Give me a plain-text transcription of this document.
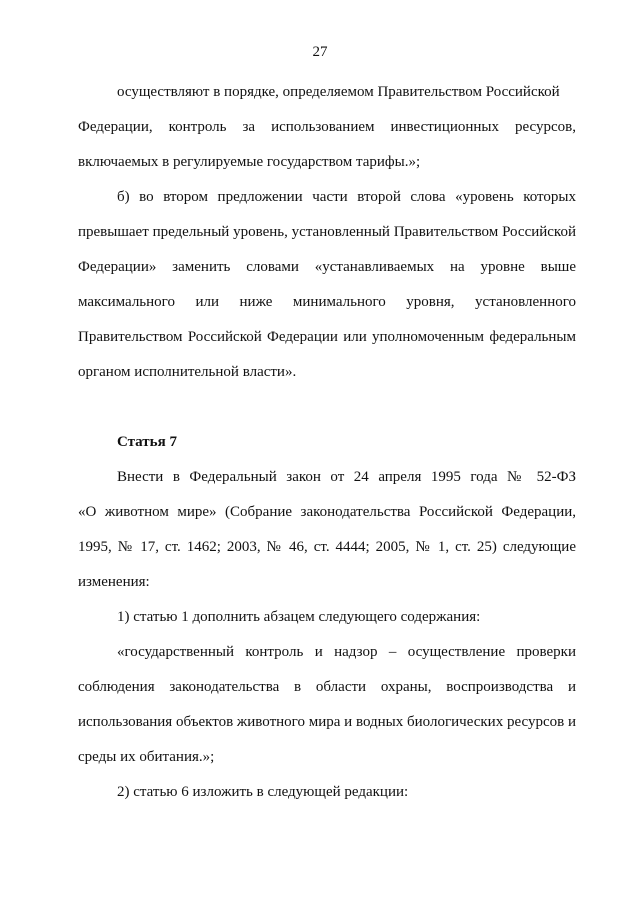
27
осуществляют в порядке, определяемом Правительством Российской
Федерации, контроль за использованием инвестиционных ресурсов,
включаемых в регулируемые государством тарифы.»;
б) во втором предложении части второй слова «уровень которых
превышает предельный уровень, установленный Правительством Российской
Федерации» заменить словами «устанавливаемых на уровне выше
максимального или ниже минимального уровня, установленного
Правительством Российской Федерации или уполномоченным федеральным
органом исполнительной власти».
Статья 7
Внести в Федеральный закон от 24 апреля 1995 года № 52-ФЗ
«О животном мире» (Собрание законодательства Российской Федерации,
1995, № 17, ст. 1462; 2003, № 46, ст. 4444; 2005, № 1, ст. 25) следующие
изменения:
1) статью 1 дополнить абзацем следующего содержания:
«государственный контроль и надзор – осуществление проверки
соблюдения законодательства в области охраны, воспроизводства и
использования объектов животного мира и водных биологических ресурсов и
среды их обитания.»;
2) статью 6 изложить в следующей редакции:
